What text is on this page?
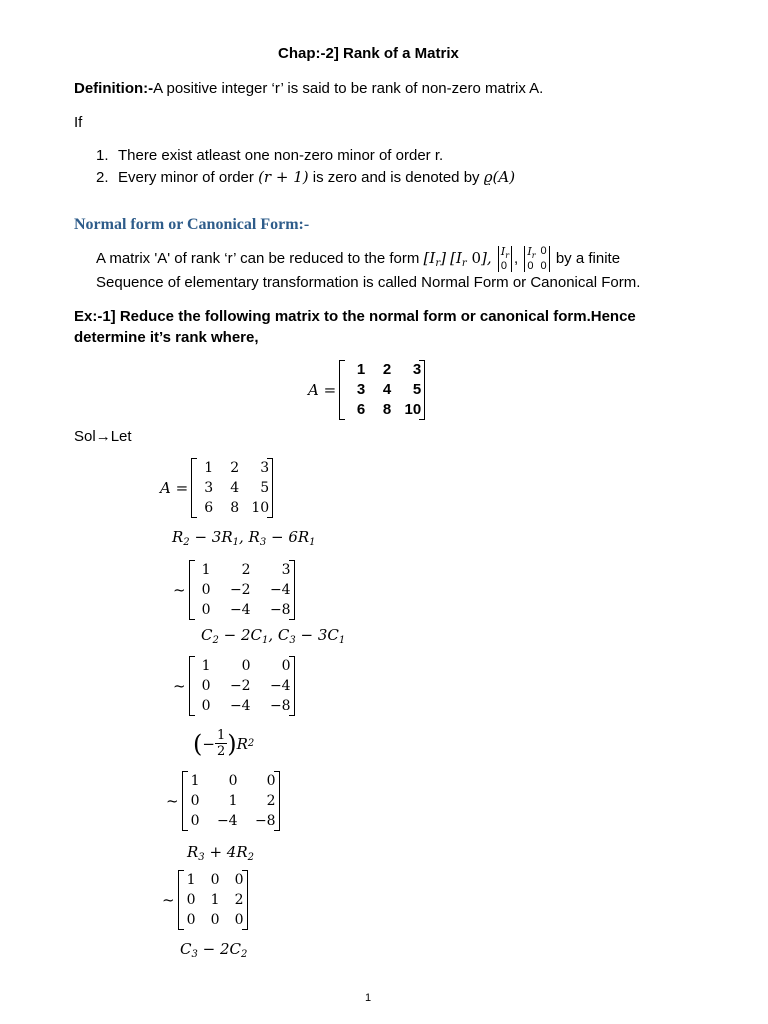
Chap:-2] Rank of a Matrix
Definition:-A positive integer ‘r’ is said to be rank of non-zero matrix A.
If
1. There exist atleast one non-zero minor of order r.
2. Every minor of order (r + 1) is zero and is denoted by ϱ(A)
Normal form or Canonical Form:-
A matrix 'A' of rank ‘r’ can be reduced to the form $[I_r]$ [$I_r$ 0], $I_r$
0 , $I_r$ 0
0 0 by a finite
Sequence of elementary transformation is called Normal Form or Canonical Form.
Ex:-1] Reduce the following matrix to the normal form or canonical form.Hence
determine it’s rank where,
A =
1	2	3
3	4	5
6	8 10
Sol→Let
A =
1	2	3
3	4	5
6	8 10
$R_2 - 3R_1$, $R_3 - 6R_1$
~
1	2	3
0	−2	−4
0	−4	−8
$C_2 - 2C_1$, $C_3 - 3C_1$
~
1	0	0
0	−2	−4
0	−4	−8
( − $\frac{1}{2}$ ) R 2
~
1	0	0
0	1	2
0	−4	−8
$R_3 + 4R_2$
~
1	0	0
0	1	2
0	0	0
$C_3 - 2C_2$
1
